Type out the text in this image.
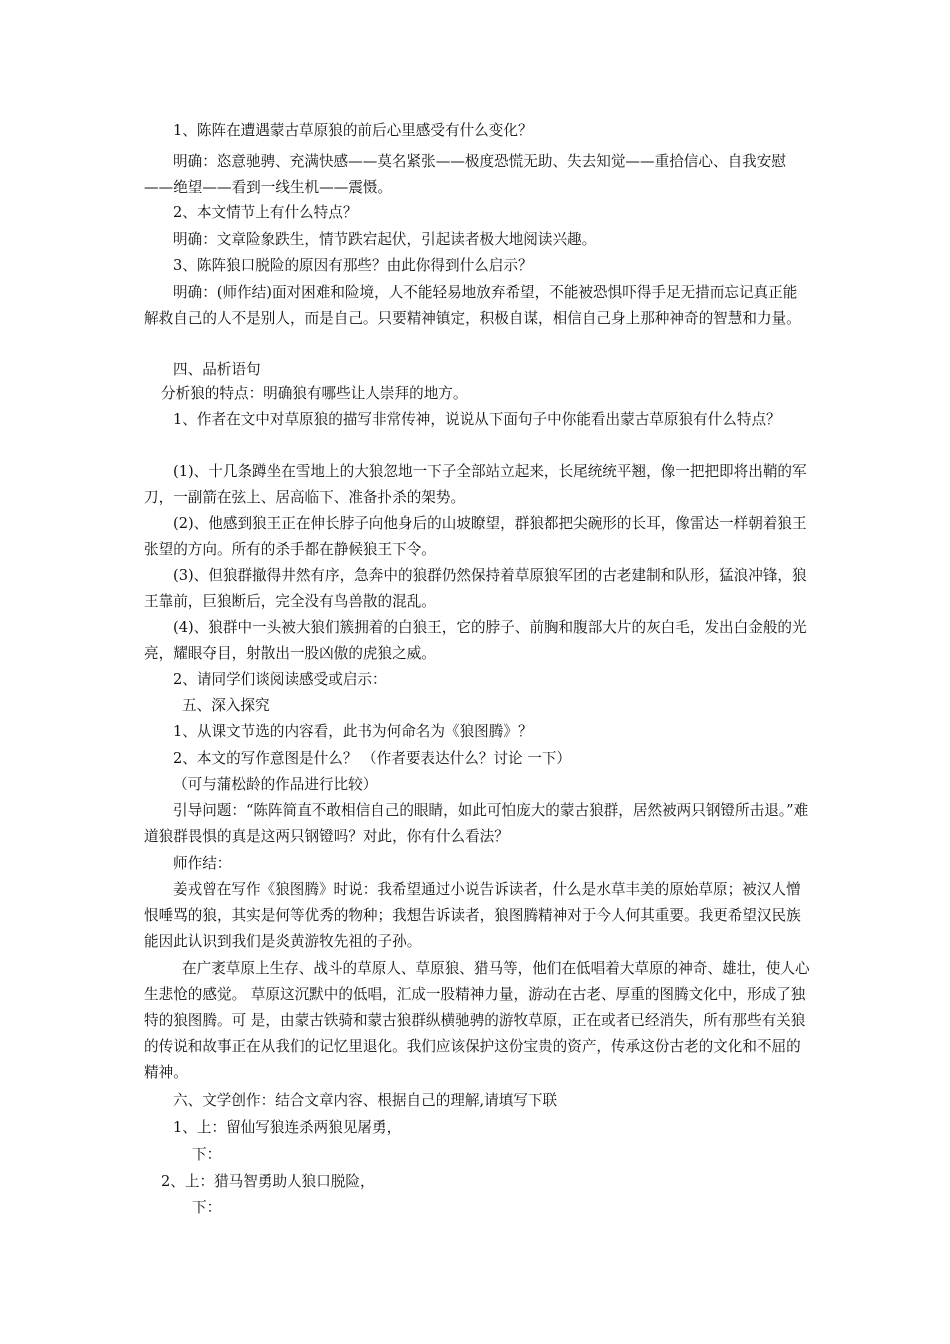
1、陈阵在遭遇蒙古草原狼的前后心里感受有什么变化？

明确：恣意驰骋、充满快感——莫名紧张——极度恐慌无助、失去知觉——重拾信心、自我安慰——绝望——看到一线生机——震慑。

2、本文情节上有什么特点？

明确：文章险象跌生，情节跌宕起伏，引起读者极大地阅读兴趣。

3、陈阵狼口脱险的原因有那些？由此你得到什么启示？

明确：(师作结)面对困难和险境，人不能轻易地放弃希望，不能被恐惧吓得手足无措而忘记真正能解救自己的人不是别人，而是自己。只要精神镇定，积极自谋，相信自己身上那种神奇的智慧和力量。

四、品析语句

分析狼的特点：明确狼有哪些让人崇拜的地方。

1、作者在文中对草原狼的描写非常传神，说说从下面句子中你能看出蒙古草原狼有什么特点？

(1)、十几条蹲坐在雪地上的大狼忽地一下子全部站立起来，长尾统统平翘，像一把把即将出鞘的军刀，一副箭在弦上、居高临下、准备扑杀的架势。

(2)、他感到狼王正在伸长脖子向他身后的山坡瞭望，群狼都把尖碗形的长耳，像雷达一样朝着狼王张望的方向。所有的杀手都在静候狼王下令。

(3)、但狼群撤得井然有序，急奔中的狼群仍然保持着草原狼军团的古老建制和队形，猛浪冲锋，狼王靠前，巨狼断后，完全没有鸟兽散的混乱。

(4)、狼群中一头被大狼们簇拥着的白狼王，它的脖子、前胸和腹部大片的灰白毛，发出白金般的光亮，耀眼夺目，射散出一股凶傲的虎狼之威。

2、请同学们谈阅读感受或启示：

五、深入探究

1、从课文节选的内容看，此书为何命名为《狼图腾》？

2、本文的写作意图是什么？ （作者要表达什么？讨论 一下）

（可与蒲松龄的作品进行比较）

引导问题：“陈阵简直不敢相信自己的眼睛，如此可怕庞大的蒙古狼群，居然被两只钢镫所击退。”难道狼群畏惧的真是这两只钢镫吗？对此，你有什么看法？

师作结：

姜戎曾在写作《狼图腾》时说：我希望通过小说告诉读者，什么是水草丰美的原始草原；被汉人憎恨唾骂的狼，其实是何等优秀的物种；我想告诉读者，狼图腾精神对于今人何其重要。我更希望汉民族能因此认识到我们是炎黄游牧先祖的子孙。

在广袤草原上生存、战斗的草原人、草原狼、猎马等，他们在低唱着大草原的神奇、雄壮，使人心生悲怆的感觉。 草原这沉默中的低唱，汇成一股精神力量，游动在古老、厚重的图腾文化中，形成了独特的狼图腾。可 是，由蒙古铁骑和蒙古狼群纵横驰骋的游牧草原，正在或者已经消失，所有那些有关狼的传说和故事正在从我们的记忆里退化。我们应该保护这份宝贵的资产，传承这份古老的文化和不屈的精神。

六、文学创作：结合文章内容、根据自己的理解,请填写下联

1、上：留仙写狼连杀两狼见屠勇，

下：

2、上：猎马智勇助人狼口脱险，

下：
